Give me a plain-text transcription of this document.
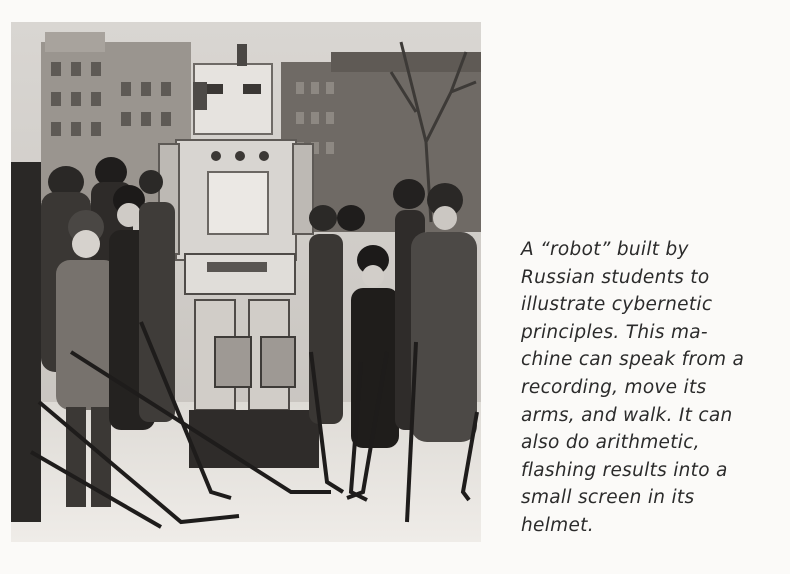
A “robot” built by
Russian students to
illustrate cybernetic
principles. This ma-
chine can speak from a
recording, move its
arms, and walk. It can
also do arithmetic,
flashing results into a
small screen in its
helmet.
